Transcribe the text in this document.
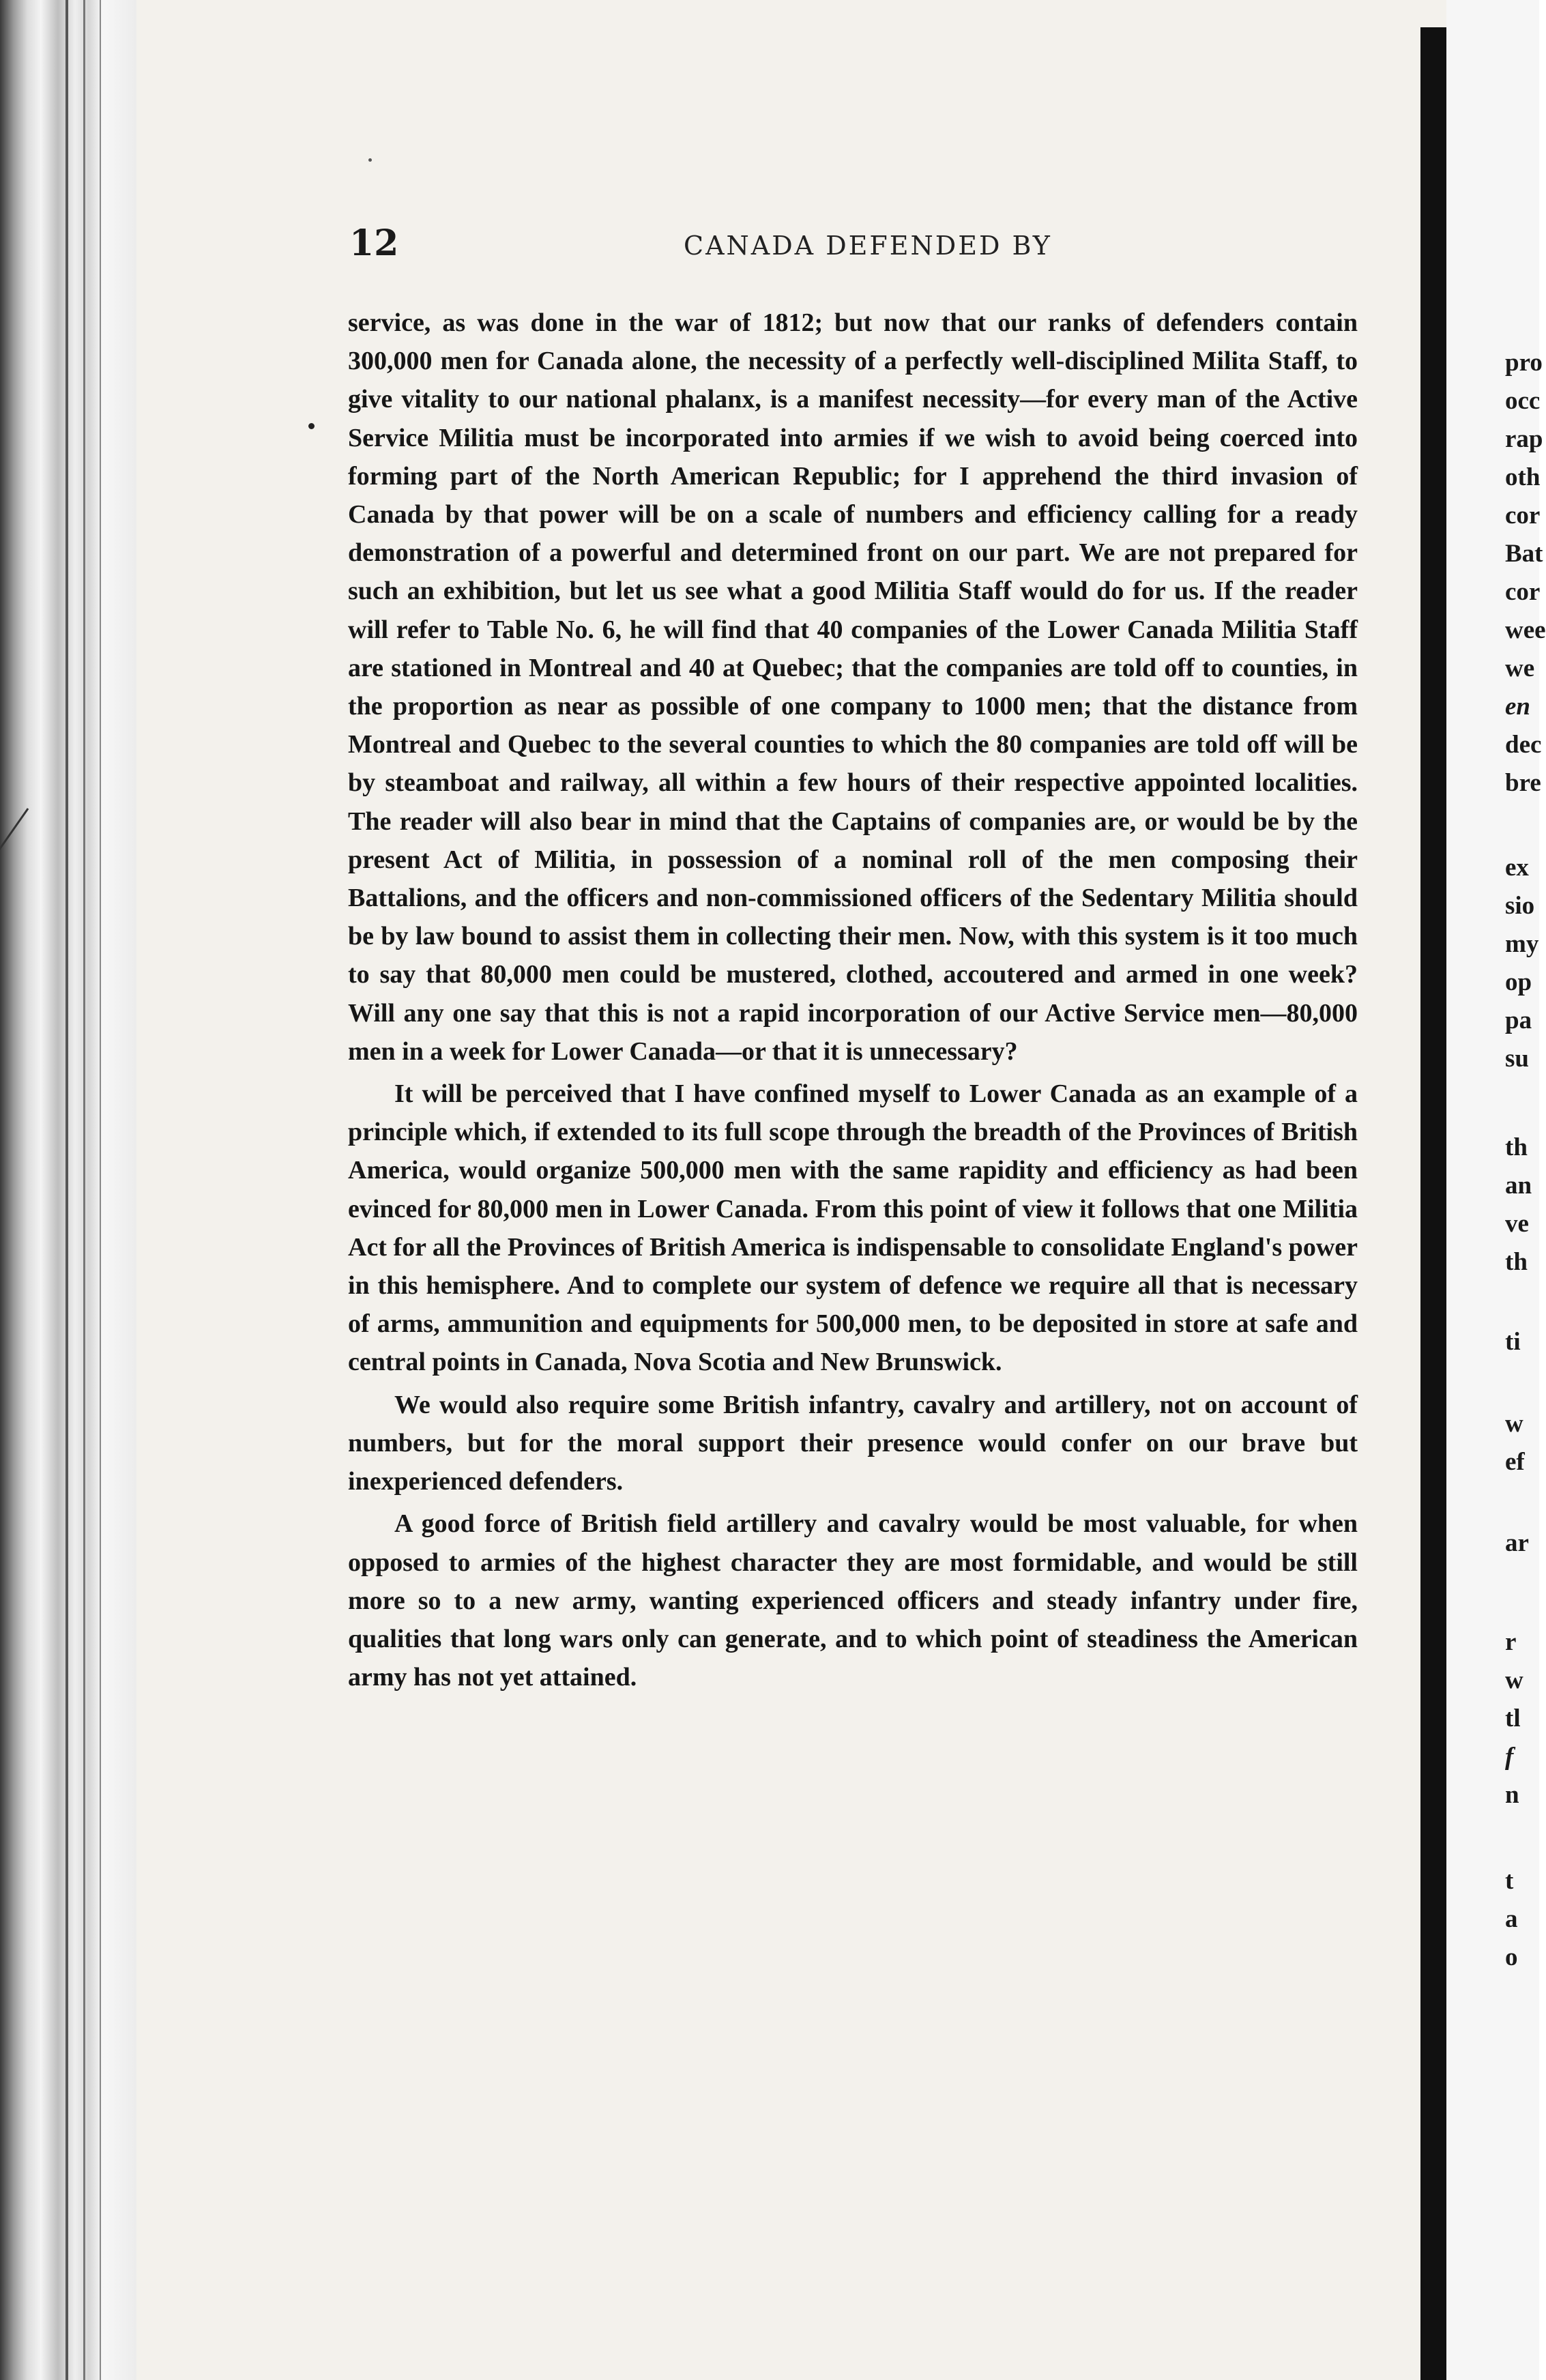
12	CANADA DEFENDED BY

service, as was done in the war of 1812; but now that our ranks of defenders contain 300,000 men for Canada alone, the necessity of a perfectly well-disciplined Milita Staff, to give vitality to our national phalanx, is a manifest necessity—for every man of the Active Service Militia must be incorporated into armies if we wish to avoid being coerced into forming part of the North American Republic; for I apprehend the third invasion of Canada by that power will be on a scale of numbers and efficiency calling for a ready demonstration of a powerful and determined front on our part. We are not prepared for such an exhibition, but let us see what a good Militia Staff would do for us. If the reader will refer to Table No. 6, he will find that 40 companies of the Lower Canada Militia Staff are stationed in Montreal and 40 at Quebec; that the companies are told off to counties, in the proportion as near as possible of one company to 1000 men; that the distance from Montreal and Quebec to the several counties to which the 80 companies are told off will be by steamboat and railway, all within a few hours of their respective appointed localities. The reader will also bear in mind that the Captains of companies are, or would be by the present Act of Militia, in possession of a nominal roll of the men composing their Battalions, and the officers and non-commissioned officers of the Sedentary Militia should be by law bound to assist them in collecting their men. Now, with this system is it too much to say that 80,000 men could be mustered, clothed, accoutered and armed in one week? Will any one say that this is not a rapid incorporation of our Active Service men—80,000 men in a week for Lower Canada—or that it is unnecessary?

It will be perceived that I have confined myself to Lower Canada as an example of a principle which, if extended to its full scope through the breadth of the Provinces of British America, would organize 500,000 men with the same rapidity and efficiency as had been evinced for 80,000 men in Lower Canada. From this point of view it follows that one Militia Act for all the Provinces of British America is indispensable to consolidate England's power in this hemisphere. And to complete our system of defence we require all that is necessary of arms, ammunition and equipments for 500,000 men, to be deposited in store at safe and central points in Canada, Nova Scotia and New Brunswick.

We would also require some British infantry, cavalry and artillery, not on account of numbers, but for the moral support their presence would confer on our brave but inexperienced defenders.

A good force of British field artillery and cavalry would be most valuable, for when opposed to armies of the highest character they are most formidable, and would be still more so to a new army, wanting experienced officers and steady infantry under fire, qualities that long wars only can generate, and to which point of steadiness the American army has not yet attained.

pro
occ
rap
oth
cor
Bat
cor
wee
we
en
dec
bre
ex
sio
my
op
pa
su
th
an
ve
th
ti
w
ef
ar
r
w
tl
f
n
t
a
o
